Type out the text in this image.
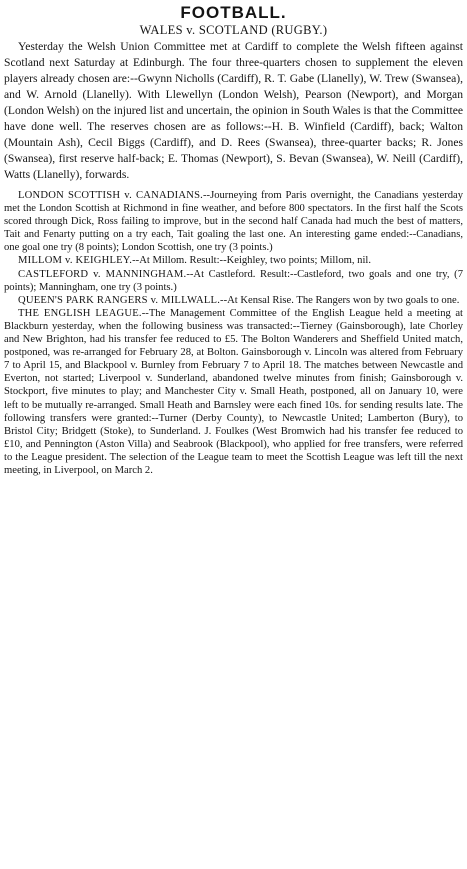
FOOTBALL.
WALES v. SCOTLAND (RUGBY.)

Yesterday the Welsh Union Committee met at Cardiff to complete the Welsh fifteen against Scotland next Saturday at Edinburgh. The four three-quarters chosen to supplement the eleven players already chosen are:--Gwynn Nicholls (Cardiff), R. T. Gabe (Llanelly), W. Trew (Swansea), and W. Arnold (Llanelly). With Llewellyn (London Welsh), Pearson (Newport), and Morgan (London Welsh) on the injured list and uncertain, the opinion in South Wales is that the Committee have done well. The reserves chosen are as follows:--H. B. Winfield (Cardiff), back; Walton (Mountain Ash), Cecil Biggs (Cardiff), and D. Rees (Swansea), three-quarter backs; R. Jones (Swansea), first reserve half-back; E. Thomas (Newport), S. Bevan (Swansea), W. Neill (Cardiff), Watts (Llanelly), forwards.

LONDON SCOTTISH v. CANADIANS.--Journeying from Paris overnight, the Canadians yesterday met the London Scottish at Richmond in fine weather, and before 800 spectators. In the first half the Scots scored through Dick, Ross failing to improve, but in the second half Canada had much the best of matters, Tait and Fenarty putting on a try each, Tait goaling the last one. An interesting game ended:--Canadians, one goal one try (8 points); London Scottish, one try (3 points.)

MILLOM v. KEIGHLEY.--At Millom. Result:--Keighley, two points; Millom, nil.

CASTLEFORD v. MANNINGHAM.--At Castleford. Result:--Castleford, two goals and one try, (7 points); Manningham, one try (3 points.)

QUEEN'S PARK RANGERS v. MILLWALL.--At Kensal Rise. The Rangers won by two goals to one.

THE ENGLISH LEAGUE.--The Management Committee of the English League held a meeting at Blackburn yesterday, when the following business was transacted:--Tierney (Gainsborough), late Chorley and New Brighton, had his transfer fee reduced to £5. The Bolton Wanderers and Sheffield United match, postponed, was re-arranged for February 28, at Bolton. Gainsborough v. Lincoln was altered from February 7 to April 15, and Blackpool v. Burnley from February 7 to April 18. The matches between Newcastle and Everton, not started; Liverpool v. Sunderland, abandoned twelve minutes from finish; Gainsborough v. Stockport, five minutes to play; and Manchester City v. Small Heath, postponed, all on January 10, were left to be mutually re-arranged. Small Heath and Barnsley were each fined 10s. for sending results late. The following transfers were granted:--Turner (Derby County), to Newcastle United; Lamberton (Bury), to Bristol City; Bridgett (Stoke), to Sunderland. J. Foulkes (West Bromwich had his transfer fee reduced to £10, and Pennington (Aston Villa) and Seabrook (Blackpool), who applied for free transfers, were referred to the League president. The selection of the League team to meet the Scottish League was left till the next meeting, in Liverpool, on March 2.
